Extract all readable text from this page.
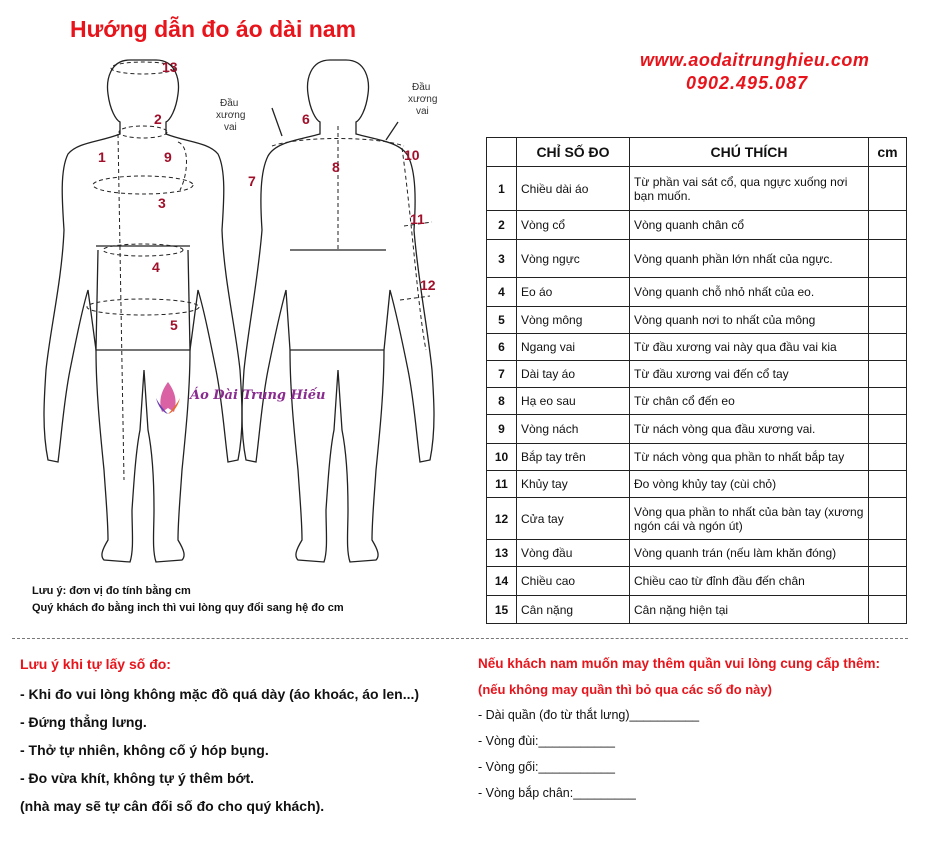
Hướng dẫn đo áo dài nam
www.aodaitrunghieu.com
0902.495.087
Đầu
xương
vai
Đầu
xương
vai
13
2
1	9
3
4
5
6
8
7
10
11
12
Áo Dài Trung Hiếu
Lưu ý: đơn vị đo tính bằng cm
Quý khách đo bằng inch thì vui lòng quy đổi sang hệ đo cm
	CHỈ SỐ ĐO	CHÚ THÍCH	cm
1	Chiều dài áo	Từ phần vai sát cổ, qua ngực xuống nơi bạn muốn.	
2	Vòng cổ	Vòng quanh chân cổ	
3	Vòng ngực	Vòng quanh phần lớn nhất của ngực.	
4	Eo áo	Vòng quanh chỗ nhỏ nhất của eo.	
5	Vòng mông	Vòng quanh nơi to nhất của mông	
6	Ngang vai	Từ đầu xương vai này qua đầu vai kia	
7	Dài tay áo	Từ đầu xương vai đến cổ tay	
8	Hạ eo sau	Từ chân cổ đến eo	
9	Vòng nách	Từ nách vòng qua đầu xương vai.	
10	Bắp tay trên	Từ nách vòng qua phần to nhất bắp tay	
11	Khủy tay	Đo vòng khủy tay (cùi chỏ)	
12	Cửa tay	Vòng qua phần to nhất của bàn tay (xương ngón cái và ngón út)	
13	Vòng đầu	Vòng quanh trán (nếu làm khăn đóng)	
14	Chiều cao	Chiều cao từ đỉnh đầu đến chân	
15	Cân nặng	Cân nặng hiện tại	
Lưu ý khi tự lấy số đo:
- Khi đo vui lòng không mặc đồ quá dày (áo khoác, áo len...)
- Đứng thẳng lưng.
- Thở tự nhiên, không cố ý hóp bụng.
- Đo vừa khít, không tự ý thêm bớt.
(nhà may sẽ tự cân đối số đo cho quý khách).
Nếu khách nam muốn may thêm quần vui lòng cung cấp thêm:
(nếu không may quần thì bỏ qua các số đo này)
- Dài quần (đo từ thắt lưng)__________
- Vòng đùi:___________
- Vòng gối:___________
- Vòng bắp chân:_________
